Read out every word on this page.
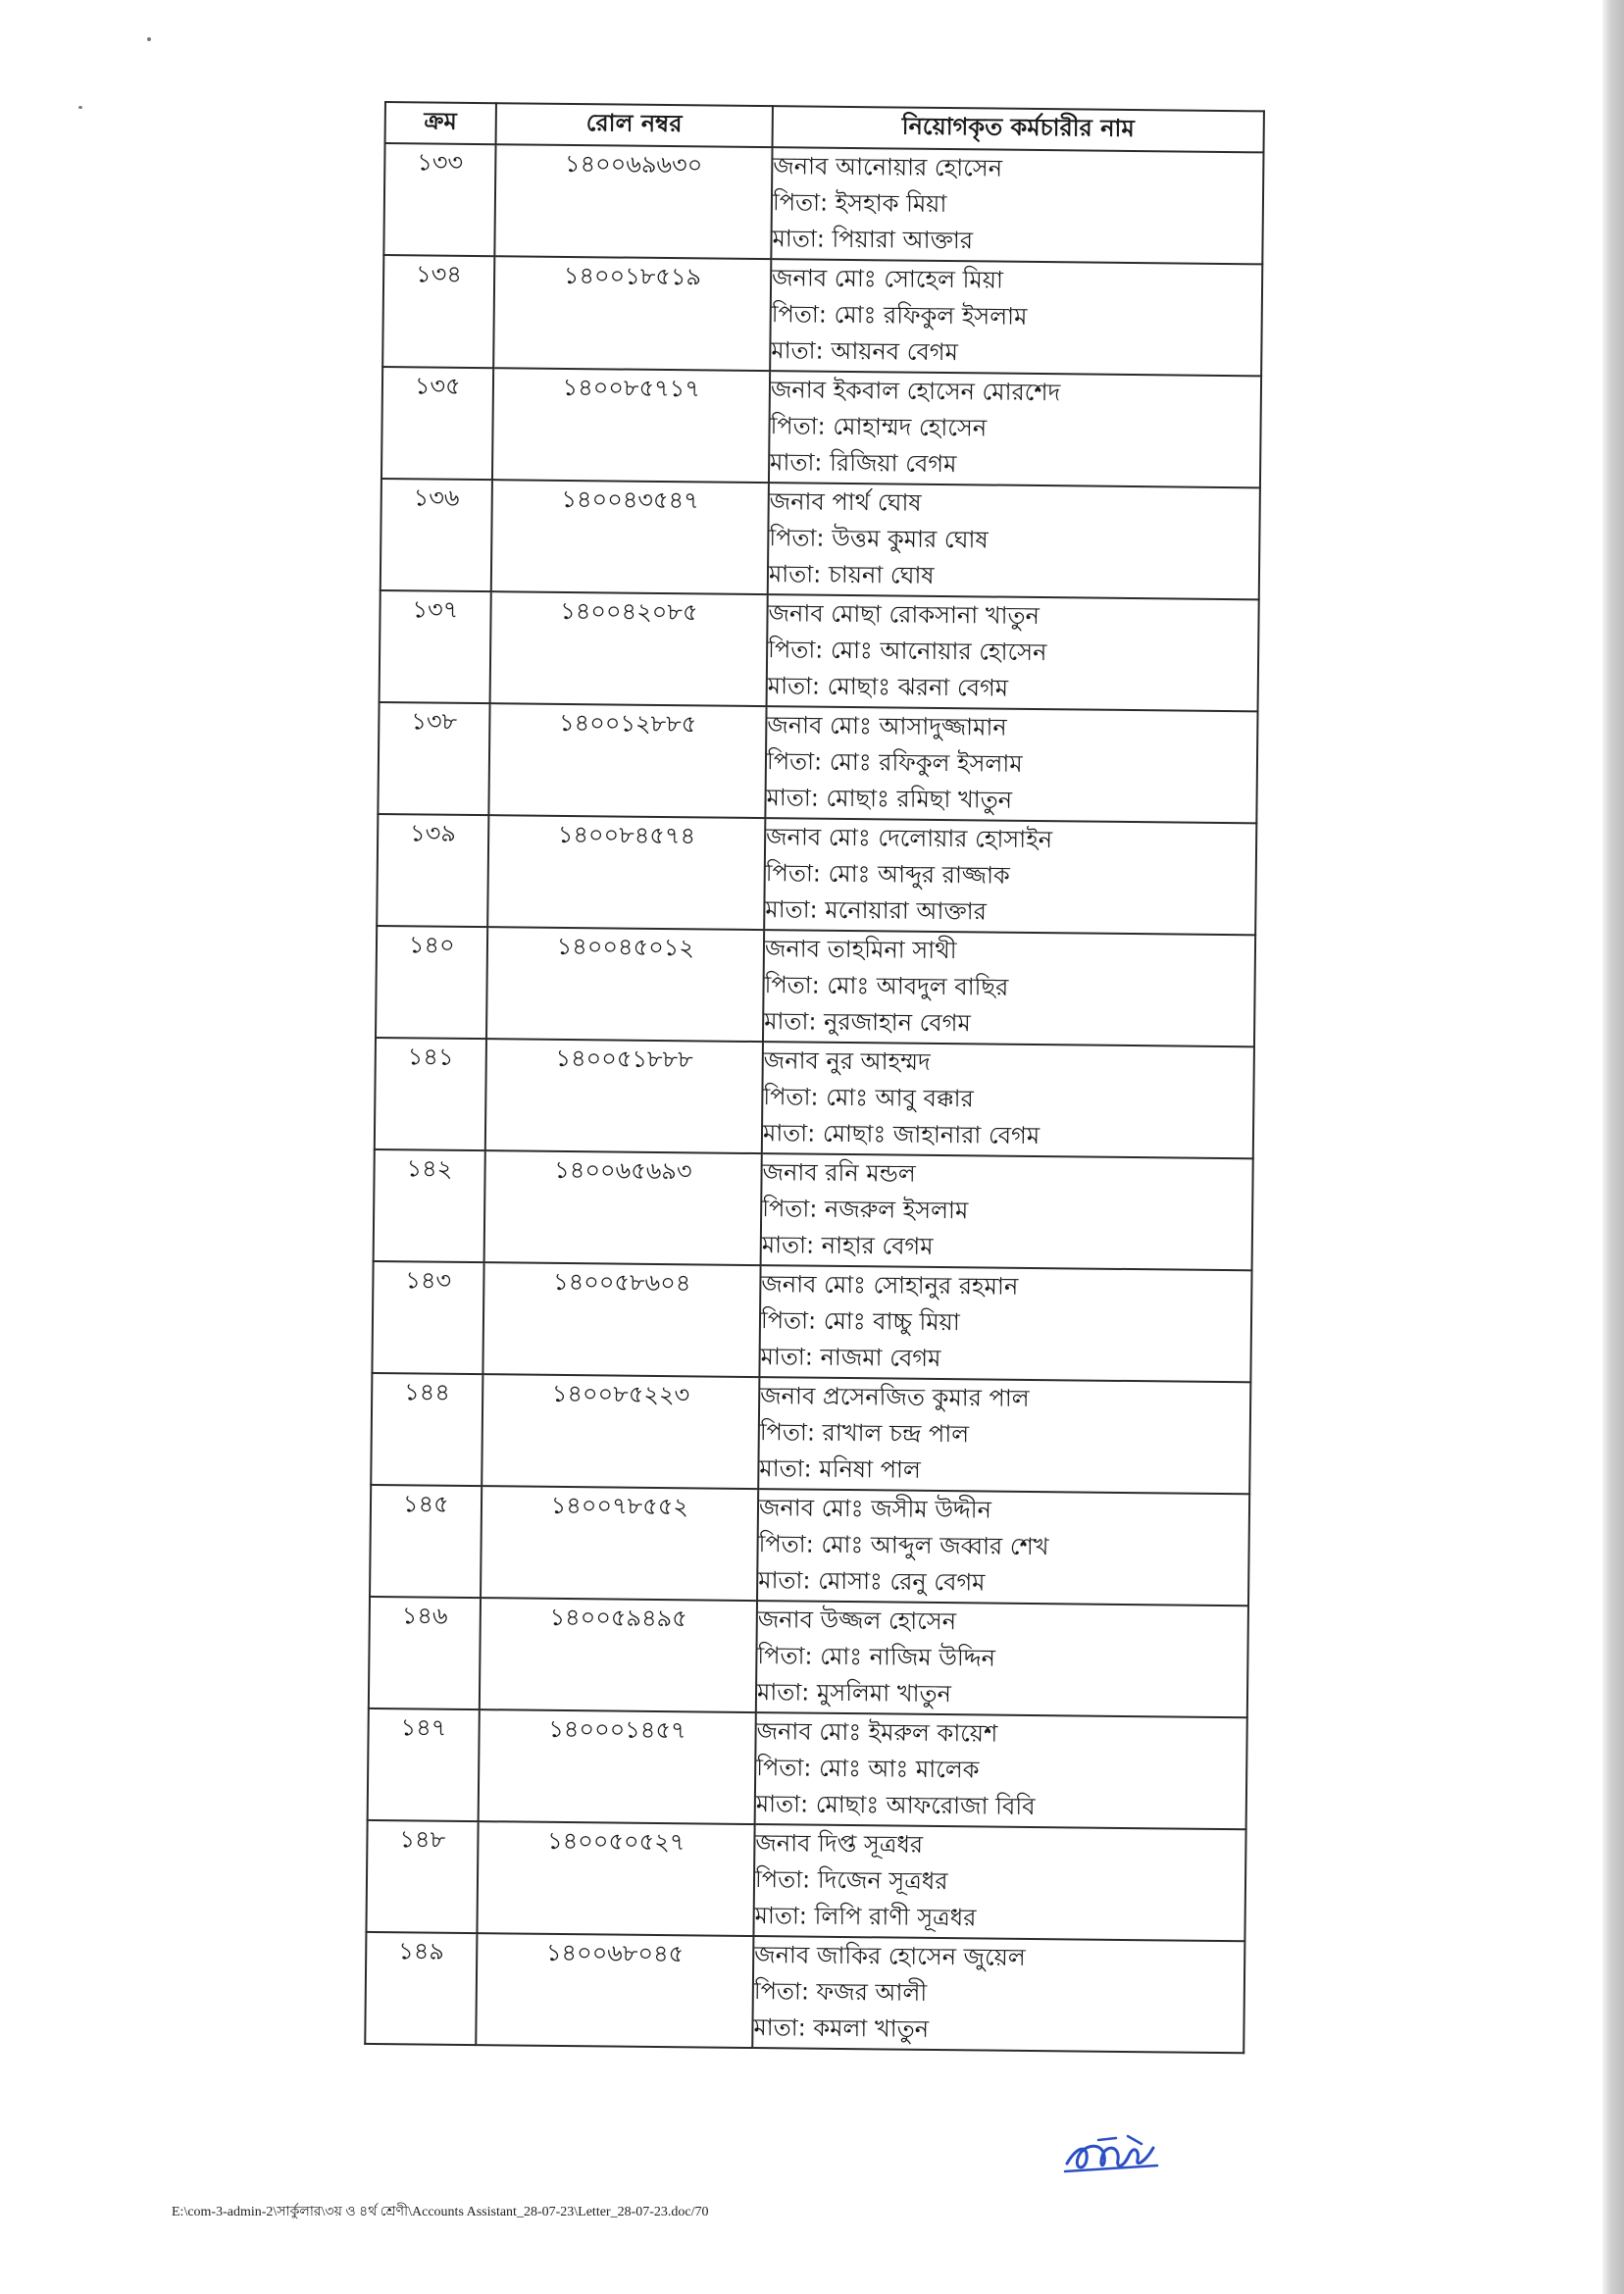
ক্রম	রোল নম্বর	নিয়োগকৃত কর্মচারীর নাম
১৩৩	১৪০০৬৯৬৩০	জনাব আনোয়ার হোসেন
পিতা: ইসহাক মিয়া
মাতা: পিয়ারা আক্তার

১৩৪	১৪০০১৮৫১৯	জনাব মোঃ সোহেল মিয়া
পিতা: মোঃ রফিকুল ইসলাম
মাতা: আয়নব বেগম

১৩৫	১৪০০৮৫৭১৭	জনাব ইকবাল হোসেন মোরশেদ
পিতা: মোহাম্মদ হোসেন
মাতা: রিজিয়া বেগম

১৩৬	১৪০০৪৩৫৪৭	জনাব পার্থ ঘোষ
পিতা: উত্তম কুমার ঘোষ
মাতা: চায়না ঘোষ

১৩৭	১৪০০৪২০৮৫	জনাব মোছা রোকসানা খাতুন
পিতা: মোঃ আনোয়ার হোসেন
মাতা: মোছাঃ ঝরনা বেগম

১৩৮	১৪০০১২৮৮৫	জনাব মোঃ আসাদুজ্জামান
পিতা: মোঃ রফিকুল ইসলাম
মাতা: মোছাঃ রমিছা খাতুন

১৩৯	১৪০০৮৪৫৭৪	জনাব মোঃ দেলোয়ার হোসাইন
পিতা: মোঃ আব্দুর রাজ্জাক
মাতা: মনোয়ারা আক্তার

১৪০	১৪০০৪৫০১২	জনাব তাহমিনা সাথী
পিতা: মোঃ আবদুল বাছির
মাতা: নুরজাহান বেগম

১৪১	১৪০০৫১৮৮৮	জনাব নুর আহম্মদ
পিতা: মোঃ আবু বক্কার
মাতা: মোছাঃ জাহানারা বেগম

১৪২	১৪০০৬৫৬৯৩	জনাব রনি মন্ডল
পিতা: নজরুল ইসলাম
মাতা: নাহার বেগম

১৪৩	১৪০০৫৮৬০৪	জনাব মোঃ সোহানুর রহমান
পিতা: মোঃ বাচ্চু মিয়া
মাতা: নাজমা বেগম

১৪৪	১৪০০৮৫২২৩	জনাব প্রসেনজিত কুমার পাল
পিতা: রাখাল চন্দ্র পাল
মাতা: মনিষা পাল

১৪৫	১৪০০৭৮৫৫২	জনাব মোঃ জসীম উদ্দীন
পিতা: মোঃ আব্দুল জব্বার শেখ
মাতা: মোসাঃ রেনু বেগম

১৪৬	১৪০০৫৯৪৯৫	জনাব উজ্জল হোসেন
পিতা: মোঃ নাজিম উদ্দিন
মাতা: মুসলিমা খাতুন

১৪৭	১৪০০০১৪৫৭	জনাব মোঃ ইমরুল কায়েশ
পিতা: মোঃ আঃ মালেক
মাতা: মোছাঃ আফরোজা বিবি

১৪৮	১৪০০৫০৫২৭	জনাব দিপ্ত সূত্রধর
পিতা: দিজেন সূত্রধর
মাতা: লিপি রাণী সূত্রধর

১৪৯	১৪০০৬৮০৪৫	জনাব জাকির হোসেন জুয়েল
পিতা: ফজর আলী
মাতা: কমলা খাতুন
E:\com-3-admin-2\সার্কুলার\৩য় ও ৪র্থ শ্রেণী\Accounts Assistant_28-07-23\Letter_28-07-23.doc/70
